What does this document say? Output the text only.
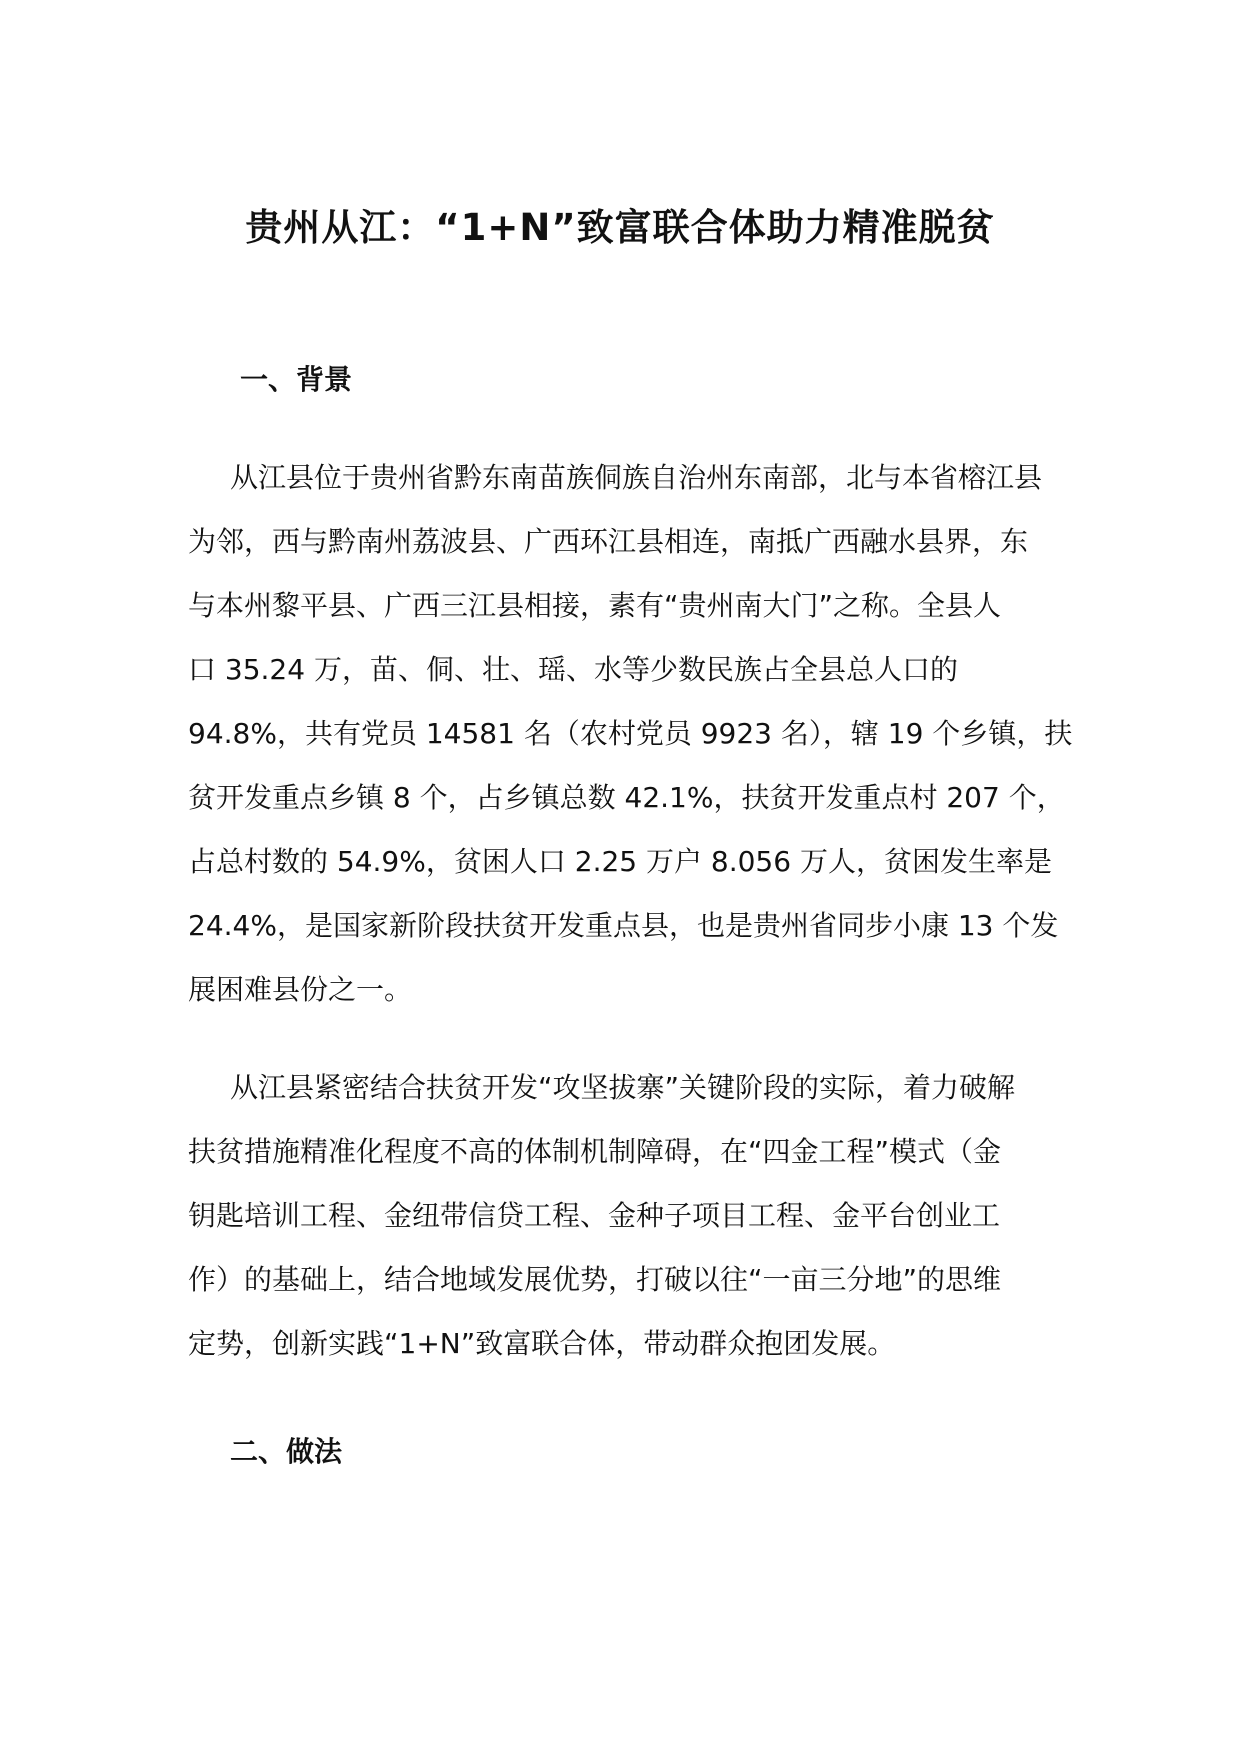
贵州从江：“1+N”致富联合体助力精准脱贫
一、背景

从江县位于贵州省黔东南苗族侗族自治州东南部，北与本省榕江县
为邻，西与黔南州荔波县、广西环江县相连，南抵广西融水县界，东
与本州黎平县、广西三江县相接，素有“贵州南大门”之称。全县人
口 35.24 万，苗、侗、壮、瑶、水等少数民族占全县总人口的
94.8%，共有党员 14581 名（农村党员 9923 名），辖 19 个乡镇，扶
贫开发重点乡镇 8 个，占乡镇总数 42.1%，扶贫开发重点村 207 个，
占总村数的 54.9%，贫困人口 2.25 万户 8.056 万人，贫困发生率是
24.4%，是国家新阶段扶贫开发重点县，也是贵州省同步小康 13 个发
展困难县份之一。

从江县紧密结合扶贫开发“攻坚拔寨”关键阶段的实际，着力破解
扶贫措施精准化程度不高的体制机制障碍，在“四金工程”模式（金
钥匙培训工程、金纽带信贷工程、金种子项目工程、金平台创业工
作）的基础上，结合地域发展优势，打破以往“一亩三分地”的思维
定势，创新实践“1+N”致富联合体，带动群众抱团发展。

二、做法
